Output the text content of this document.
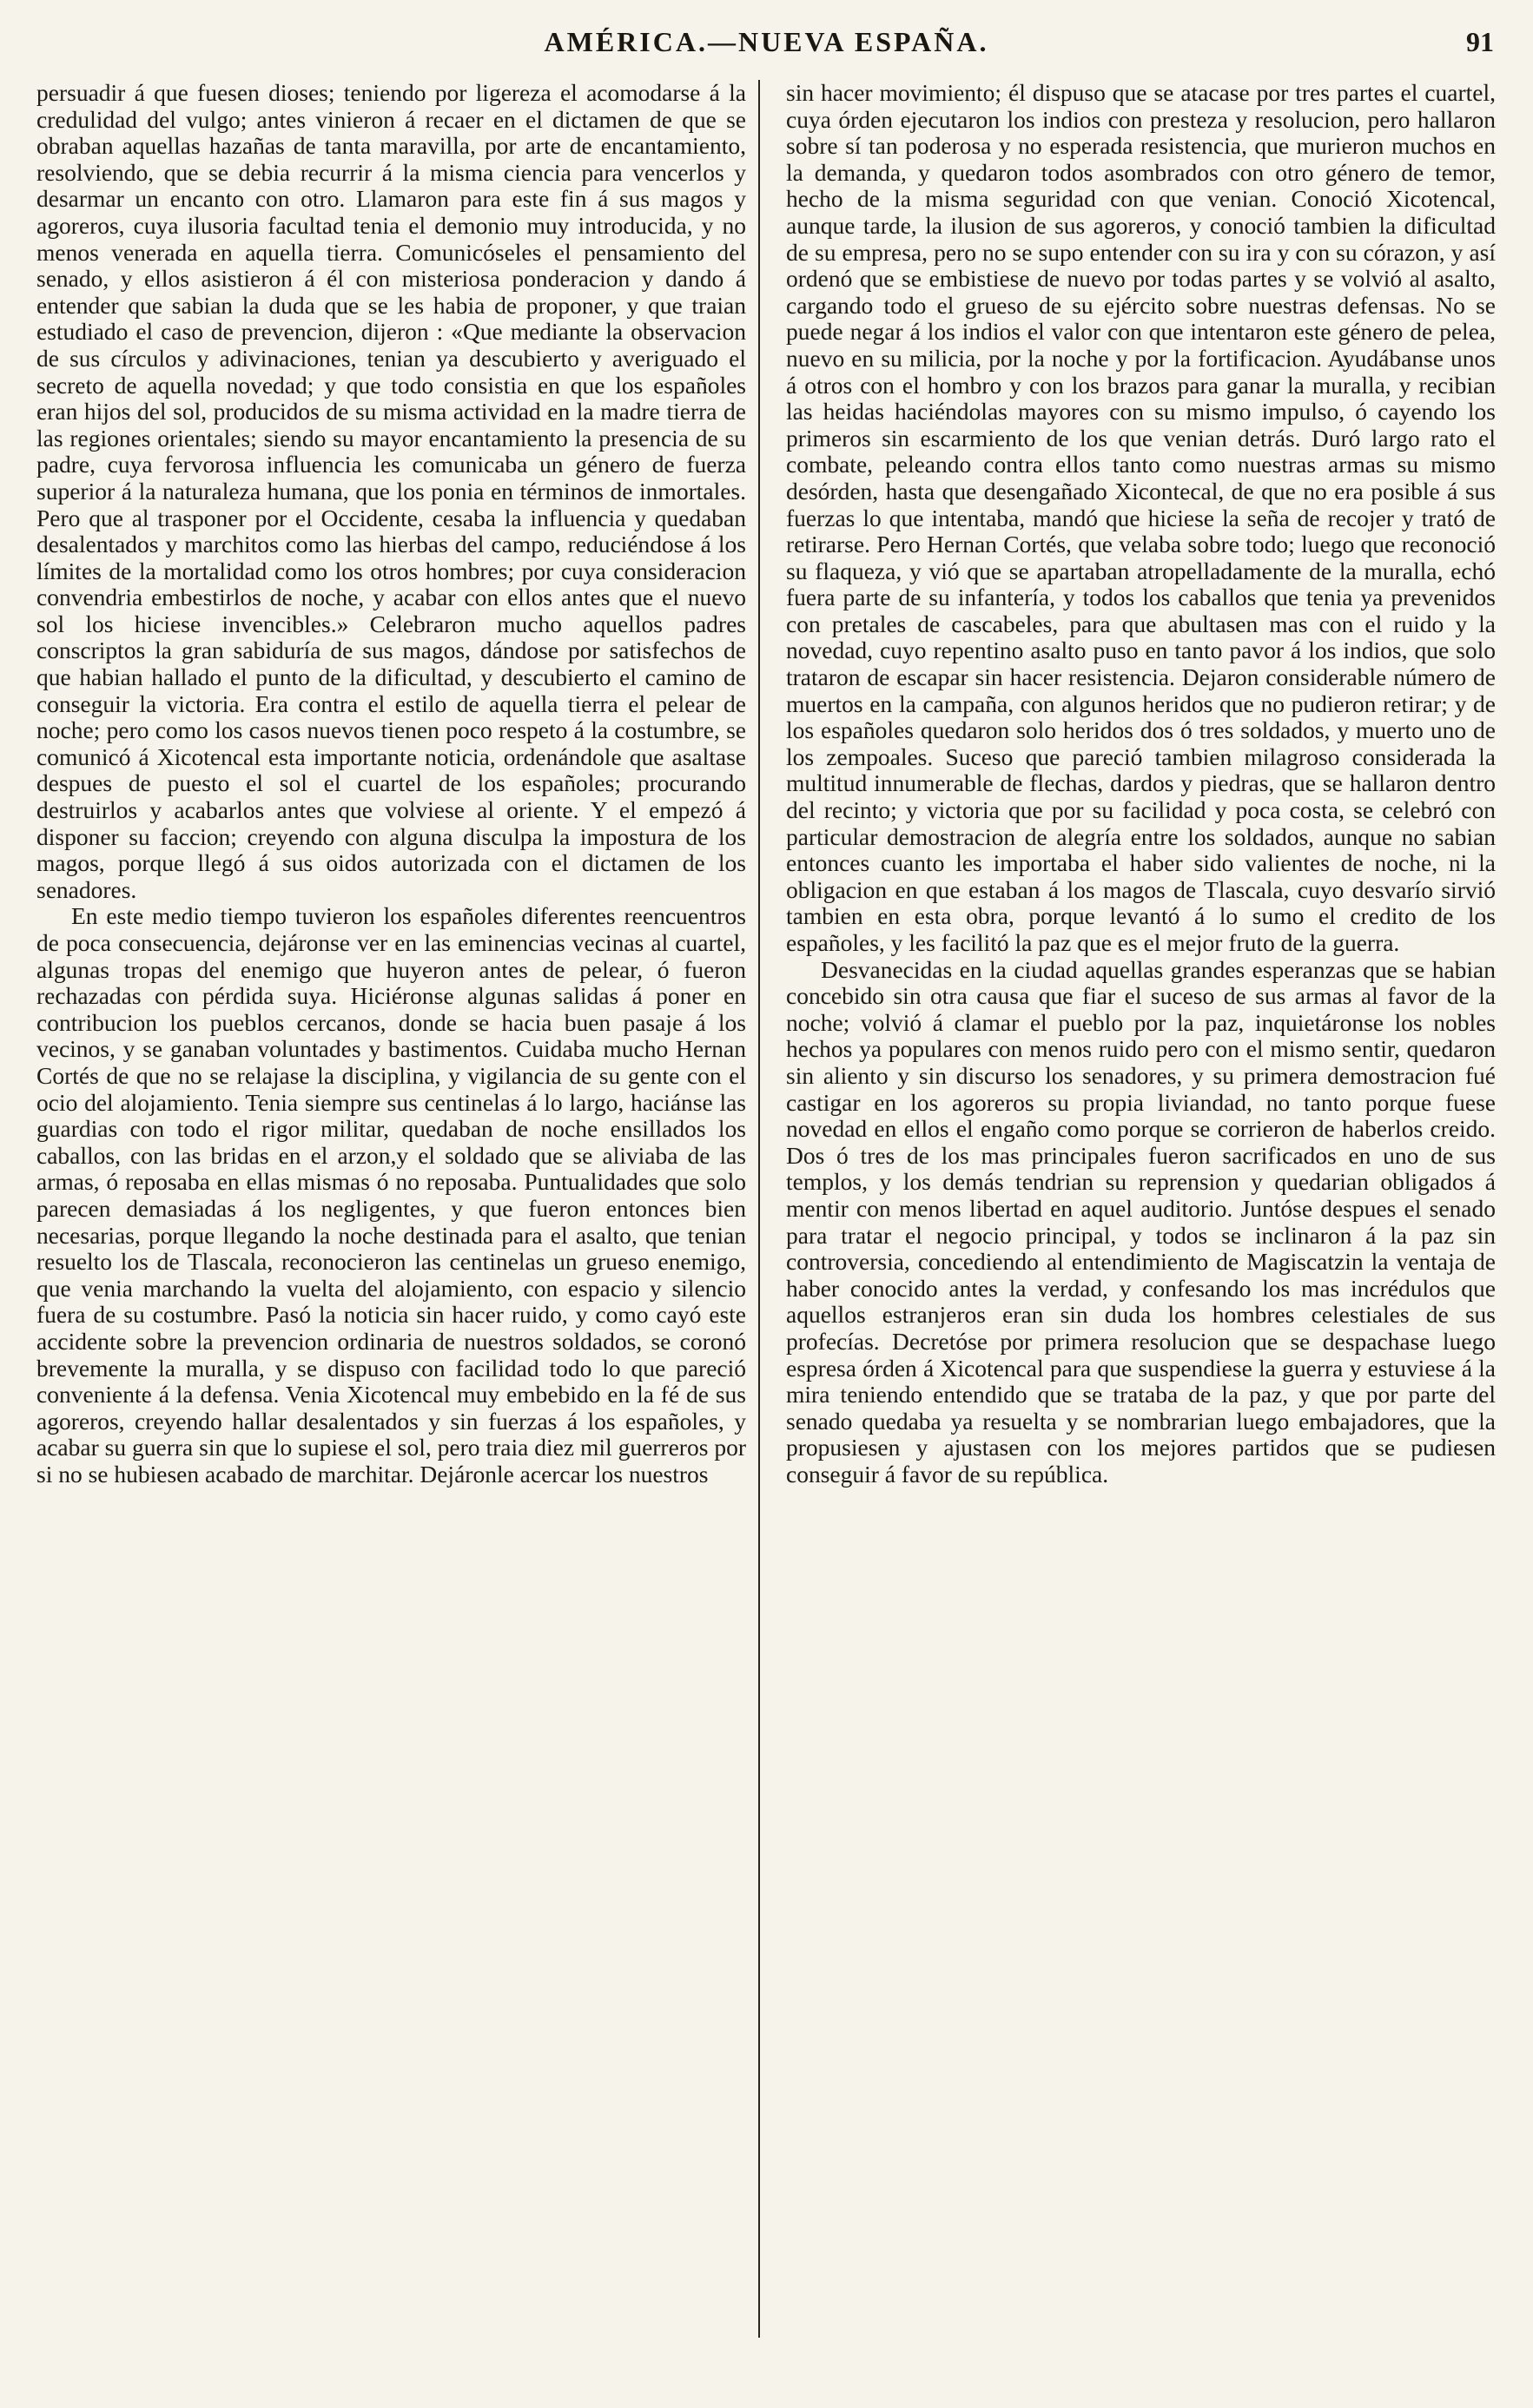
AMÉRICA.—NUEVA ESPAÑA.	91

persuadir á que fuesen dioses; teniendo por ligereza el acomodarse á la credulidad del vulgo; antes vinieron á recaer en el dictamen de que se obraban aquellas hazañas de tanta maravilla, por arte de encantamiento, resolviendo, que se debia recurrir á la misma ciencia para vencerlos y desarmar un encanto con otro. Llamaron para este fin á sus magos y agoreros, cuya ilusoria facultad tenia el demonio muy introducida, y no menos venerada en aquella tierra. Comunicóseles el pensamiento del senado, y ellos asistieron á él con misteriosa ponderacion y dando á entender que sabian la duda que se les habia de proponer, y que traian estudiado el caso de prevencion, dijeron : «Que mediante la observacion de sus círculos y adivinaciones, tenian ya descubierto y averiguado el secreto de aquella novedad; y que todo consistia en que los españoles eran hijos del sol, producidos de su misma actividad en la madre tierra de las regiones orientales; siendo su mayor encantamiento la presencia de su padre, cuya fervorosa influencia les comunicaba un género de fuerza superior á la naturaleza humana, que los ponia en términos de inmortales. Pero que al trasponer por el Occidente, cesaba la influencia y quedaban desalentados y marchitos como las hierbas del campo, reduciéndose á los límites de la mortalidad como los otros hombres; por cuya consideracion convendria embestirlos de noche, y acabar con ellos antes que el nuevo sol los hiciese invencibles.» Celebraron mucho aquellos padres conscriptos la gran sabiduría de sus magos, dándose por satisfechos de que habian hallado el punto de la dificultad, y descubierto el camino de conseguir la victoria. Era contra el estilo de aquella tierra el pelear de noche; pero como los casos nuevos tienen poco respeto á la costumbre, se comunicó á Xicotencal esta importante noticia, ordenándole que asaltase despues de puesto el sol el cuartel de los españoles; procurando destruirlos y acabarlos antes que volviese al oriente. Y el empezó á disponer su faccion; creyendo con alguna disculpa la impostura de los magos, porque llegó á sus oidos autorizada con el dictamen de los senadores.

En este medio tiempo tuvieron los españoles diferentes reencuentros de poca consecuencia, dejáronse ver en las eminencias vecinas al cuartel, algunas tropas del enemigo que huyeron antes de pelear, ó fueron rechazadas con pérdida suya. Hiciéronse algunas salidas á poner en contribucion los pueblos cercanos, donde se hacia buen pasaje á los vecinos, y se ganaban voluntades y bastimentos. Cuidaba mucho Hernan Cortés de que no se relajase la disciplina, y vigilancia de su gente con el ocio del alojamiento. Tenia siempre sus centinelas á lo largo, haciánse las guardias con todo el rigor militar, quedaban de noche ensillados los caballos, con las bridas en el arzon,y el soldado que se aliviaba de las armas, ó reposaba en ellas mismas ó no reposaba. Puntualidades que solo parecen demasiadas á los negligentes, y que fueron entonces bien necesarias, porque llegando la noche destinada para el asalto, que tenian resuelto los de Tlascala, reconocieron las centinelas un grueso enemigo, que venia marchando la vuelta del alojamiento, con espacio y silencio fuera de su costumbre. Pasó la noticia sin hacer ruido, y como cayó este accidente sobre la prevencion ordinaria de nuestros soldados, se coronó brevemente la muralla, y se dispuso con facilidad todo lo que pareció conveniente á la defensa. Venia Xicotencal muy embebido en la fé de sus agoreros, creyendo hallar desalentados y sin fuerzas á los españoles, y acabar su guerra sin que lo supiese el sol, pero traia diez mil guerreros por si no se hubiesen acabado de marchitar. Dejáronle acercar los nuestros

sin hacer movimiento; él dispuso que se atacase por tres partes el cuartel, cuya órden ejecutaron los indios con presteza y resolucion, pero hallaron sobre sí tan poderosa y no esperada resistencia, que murieron muchos en la demanda, y quedaron todos asombrados con otro género de temor, hecho de la misma seguridad con que venian. Conoció Xicotencal, aunque tarde, la ilusion de sus agoreros, y conoció tambien la dificultad de su empresa, pero no se supo entender con su ira y con su córazon, y así ordenó que se embistiese de nuevo por todas partes y se volvió al asalto, cargando todo el grueso de su ejército sobre nuestras defensas. No se puede negar á los indios el valor con que intentaron este género de pelea, nuevo en su milicia, por la noche y por la fortificacion. Ayudábanse unos á otros con el hombro y con los brazos para ganar la muralla, y recibian las heidas haciéndolas mayores con su mismo impulso, ó cayendo los primeros sin escarmiento de los que venian detrás. Duró largo rato el combate, peleando contra ellos tanto como nuestras armas su mismo desórden, hasta que desengañado Xicontecal, de que no era posible á sus fuerzas lo que intentaba, mandó que hiciese la seña de recojer y trató de retirarse. Pero Hernan Cortés, que velaba sobre todo; luego que reconoció su flaqueza, y vió que se apartaban atropelladamente de la muralla, echó fuera parte de su infantería, y todos los caballos que tenia ya prevenidos con pretales de cascabeles, para que abultasen mas con el ruido y la novedad, cuyo repentino asalto puso en tanto pavor á los indios, que solo trataron de escapar sin hacer resistencia. Dejaron considerable número de muertos en la campaña, con algunos heridos que no pudieron retirar; y de los españoles quedaron solo heridos dos ó tres soldados, y muerto uno de los zempoales. Suceso que pareció tambien milagroso considerada la multitud innumerable de flechas, dardos y piedras, que se hallaron dentro del recinto; y victoria que por su facilidad y poca costa, se celebró con particular demostracion de alegría entre los soldados, aunque no sabian entonces cuanto les importaba el haber sido valientes de noche, ni la obligacion en que estaban á los magos de Tlascala, cuyo desvarío sirvió tambien en esta obra, porque levantó á lo sumo el credito de los españoles, y les facilitó la paz que es el mejor fruto de la guerra.

Desvanecidas en la ciudad aquellas grandes esperanzas que se habian concebido sin otra causa que fiar el suceso de sus armas al favor de la noche; volvió á clamar el pueblo por la paz, inquietáronse los nobles hechos ya populares con menos ruido pero con el mismo sentir, quedaron sin aliento y sin discurso los senadores, y su primera demostracion fué castigar en los agoreros su propia liviandad, no tanto porque fuese novedad en ellos el engaño como porque se corrieron de haberlos creido. Dos ó tres de los mas principales fueron sacrificados en uno de sus templos, y los demás tendrian su reprension y quedarian obligados á mentir con menos libertad en aquel auditorio. Juntóse despues el senado para tratar el negocio principal, y todos se inclinaron á la paz sin controversia, concediendo al entendimiento de Magiscatzin la ventaja de haber conocido antes la verdad, y confesando los mas incrédulos que aquellos estranjeros eran sin duda los hombres celestiales de sus profecías. Decretóse por primera resolucion que se despachase luego espresa órden á Xicotencal para que suspendiese la guerra y estuviese á la mira teniendo entendido que se trataba de la paz, y que por parte del senado quedaba ya resuelta y se nombrarian luego embajadores, que la propusiesen y ajustasen con los mejores partidos que se pudiesen conseguir á favor de su república.
